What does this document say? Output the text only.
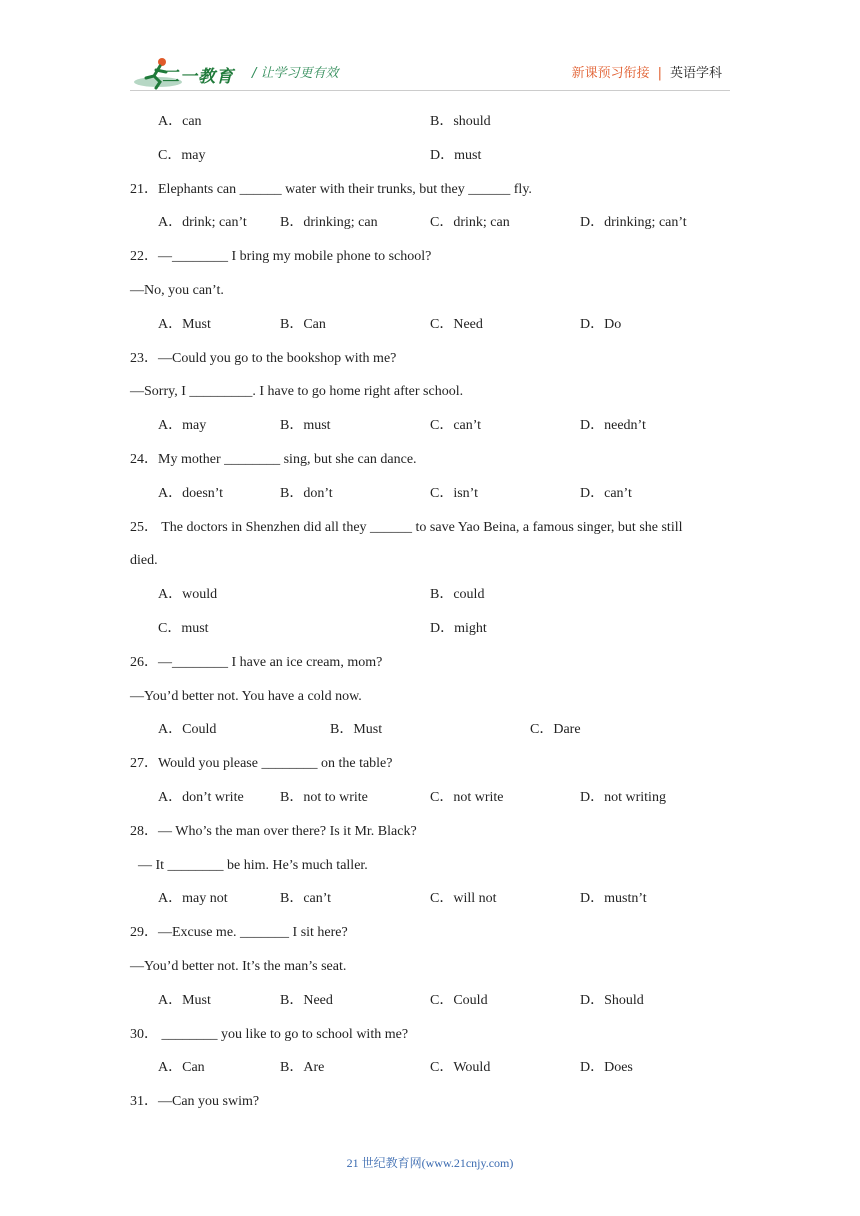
二一教育 / 让学习更有效	新课预习衔接 | 英语学科
A．can	B．should
C．may	D．must
21．Elephants can ______ water with their trunks, but they ______ fly.
A．drink; can’t B．drinking; can	C．drink; can	D．drinking; can’t
22．—________ I bring my mobile phone to school?
—No, you can’t.
A．Must	B．Can	C．Need	D．Do
23．—Could you go to the bookshop with me?
—Sorry, I _________. I have to go home right after school.
A．may	B．must	C．can’t	D．needn’t
24．My mother ________ sing, but she can dance.
A．doesn’t	B．don’t	C．isn’t	D．can’t
25． The doctors in Shenzhen did all they ______ to save Yao Beina, a famous singer, but she still
died.
A．would	B．could
C．must	D．might
26．—________ I have an ice cream, mom?
—You’d better not. You have a cold now.
A．Could	B．Must	C．Dare
27．Would you please ________ on the table?
A．don’t write	B．not to write	C．not write	D．not writing
28．— Who’s the man over there? Is it Mr. Black?
— It ________ be him. He’s much taller.
A．may not	B．can’t	C．will not	D．mustn’t
29．—Excuse me. _______ I sit here?
—You’d better not. It’s the man’s seat.
A．Must	B．Need	C．Could	D．Should
30． ________ you like to go to school with me?
A．Can	B．Are	C．Would	D．Does
31．—Can you swim?
21 世纪教育网(www.21cnjy.com)
